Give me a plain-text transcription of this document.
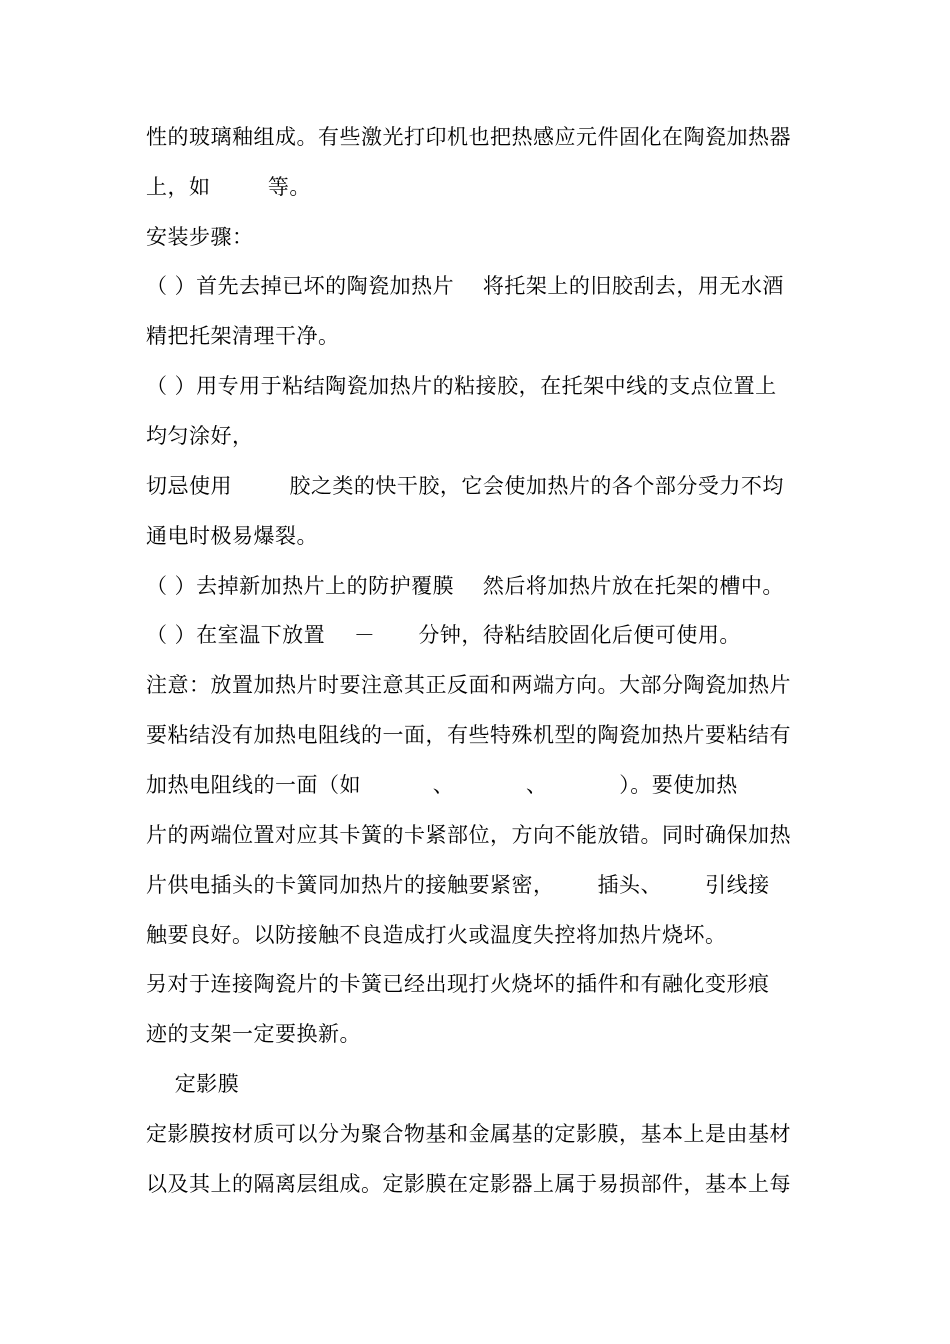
性的玻璃釉组成。有些激光打印机也把热感应元件固化在陶瓷加热器
上，如        等。
安装步骤：
（ ）首先去掉已坏的陶瓷加热片    将托架上的旧胶刮去，用无水酒
精把托架清理干净。
（ ）用专用于粘结陶瓷加热片的粘接胶，在托架中线的支点位置上
均匀涂好，
切忌使用        胶之类的快干胶，它会使加热片的各个部分受力不均
通电时极易爆裂。
（ ）去掉新加热片上的防护覆膜    然后将加热片放在托架的槽中。
（ ）在室温下放置    －      分钟，待粘结胶固化后便可使用。
注意：放置加热片时要注意其正反面和两端方向。大部分陶瓷加热片
要粘结没有加热电阻线的一面，有些特殊机型的陶瓷加热片要粘结有
加热电阻线的一面（如          、          、          ）。要使加热
片的两端位置对应其卡簧的卡紧部位，方向不能放错。同时确保加热
片供电插头的卡簧同加热片的接触要紧密，      插头、      引线接
触要良好。以防接触不良造成打火或温度失控将加热片烧坏。
另对于连接陶瓷片的卡簧已经出现打火烧坏的插件和有融化变形痕
迹的支架一定要换新。
定影膜
定影膜按材质可以分为聚合物基和金属基的定影膜，基本上是由基材
以及其上的隔离层组成。定影膜在定影器上属于易损部件，基本上每
